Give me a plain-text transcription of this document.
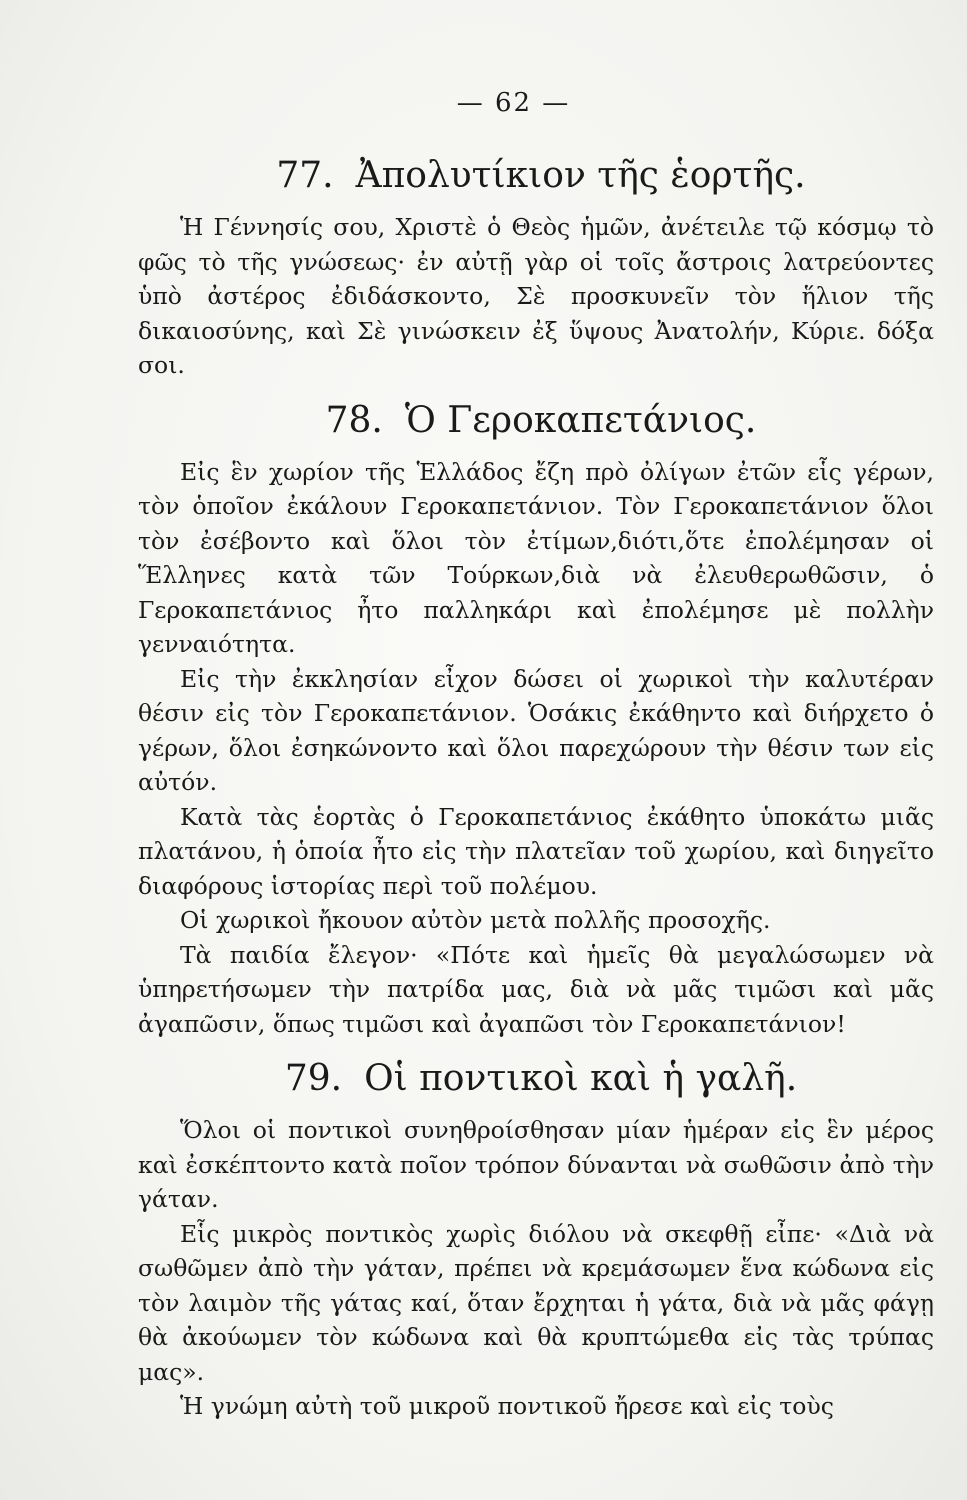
— 62 —
77. Ἀπολυτίκιον τῆς ἑορτῆς.

Ἡ Γέννησίς σου, Χριστὲ ὁ Θεὸς ἡμῶν, ἀνέτειλε τῷ κόσμῳ τὸ φῶς τὸ τῆς γνώσεως· ἐν αὐτῇ γὰρ οἱ τοῖς ἄστροις λατρεύοντες ὑπὸ ἀστέρος ἐδιδάσκοντο, Σὲ προσκυνεῖν τὸν ἥλιον τῆς δικαιοσύνης, καὶ Σὲ γινώσκειν ἐξ ὕψους Ἀνατολήν, Κύριε. δόξα σοι.

78. Ὁ Γεροκαπετάνιος.

Εἰς ἓν χωρίον τῆς Ἑλλάδος ἔζη πρὸ ὀλίγων ἐτῶν εἷς γέρων, τὸν ὁποῖον ἐκάλουν Γεροκαπετάνιον. Τὸν Γεροκαπετάνιον ὅλοι τὸν ἐσέβοντο καὶ ὅλοι τὸν ἐτίμων,διότι,ὅτε ἐπολέμησαν οἱ Ἕλληνες κατὰ τῶν Τούρκων,διὰ νὰ ἐλευθερωθῶσιν, ὁ Γεροκαπετάνιος ἦτο παλληκάρι καὶ ἐπολέμησε μὲ πολλὴν γενναιότητα.

Εἰς τὴν ἐκκλησίαν εἶχον δώσει οἱ χωρικοὶ τὴν καλυτέραν θέσιν εἰς τὸν Γεροκαπετάνιον. Ὁσάκις ἐκάθηντο καὶ διήρχετο ὁ γέρων, ὅλοι ἐσηκώνοντο καὶ ὅλοι παρεχώρουν τὴν θέσιν των εἰς αὐτόν.

Κατὰ τὰς ἑορτὰς ὁ Γεροκαπετάνιος ἐκάθητο ὑποκάτω μιᾶς πλατάνου, ἡ ὁποία ἦτο εἰς τὴν πλατεῖαν τοῦ χωρίου, καὶ διηγεῖτο διαφόρους ἱστορίας περὶ τοῦ πολέμου.

Οἱ χωρικοὶ ἤκουον αὐτὸν μετὰ πολλῆς προσοχῆς.

Τὰ παιδία ἔλεγον· «Πότε καὶ ἡμεῖς θὰ μεγαλώσωμεν νὰ ὑπηρετήσωμεν τὴν πατρίδα μας, διὰ νὰ μᾶς τιμῶσι καὶ μᾶς ἀγαπῶσιν, ὅπως τιμῶσι καὶ ἀγαπῶσι τὸν Γεροκαπετάνιον!

79. Οἱ ποντικοὶ καὶ ἡ γαλῆ.

Ὅλοι οἱ ποντικοὶ συνηθροίσθησαν μίαν ἡμέραν εἰς ἓν μέρος καὶ ἐσκέπτοντο κατὰ ποῖον τρόπον δύνανται νὰ σωθῶσιν ἀπὸ τὴν γάταν.

Εἷς μικρὸς ποντικὸς χωρὶς διόλου νὰ σκεφθῇ εἶπε· «Διὰ νὰ σωθῶμεν ἀπὸ τὴν γάταν, πρέπει νὰ κρεμάσωμεν ἕνα κώδωνα εἰς τὸν λαιμὸν τῆς γάτας καί, ὅταν ἔρχηται ἡ γάτα, διὰ νὰ μᾶς φάγῃ θὰ ἀκούωμεν τὸν κώδωνα καὶ θὰ κρυπτώμεθα εἰς τὰς τρύπας μας».

Ἡ γνώμη αὐτὴ τοῦ μικροῦ ποντικοῦ ἤρεσε καὶ εἰς τοὺς
